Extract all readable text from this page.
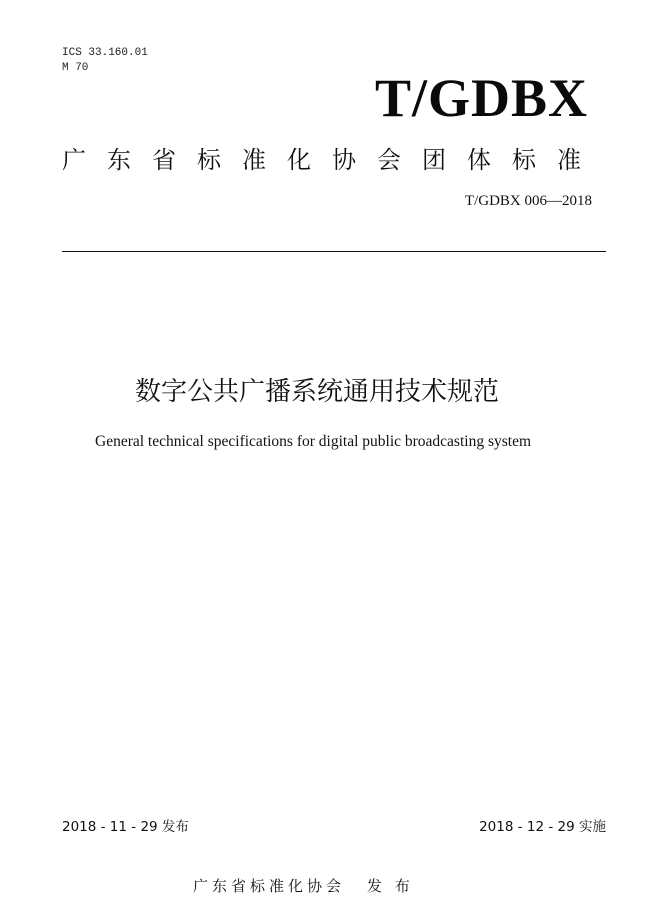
ICS 33.160.01
M 70	T/GDBX
广东省标准化协会团体标准
T/GDBX 006—2018
数字公共广播系统通用技术规范
General technical specifications for digital public broadcasting system
2018 - 11 - 29 发布	2018 - 12 - 29 实施
广东省标准化协会 发 布
